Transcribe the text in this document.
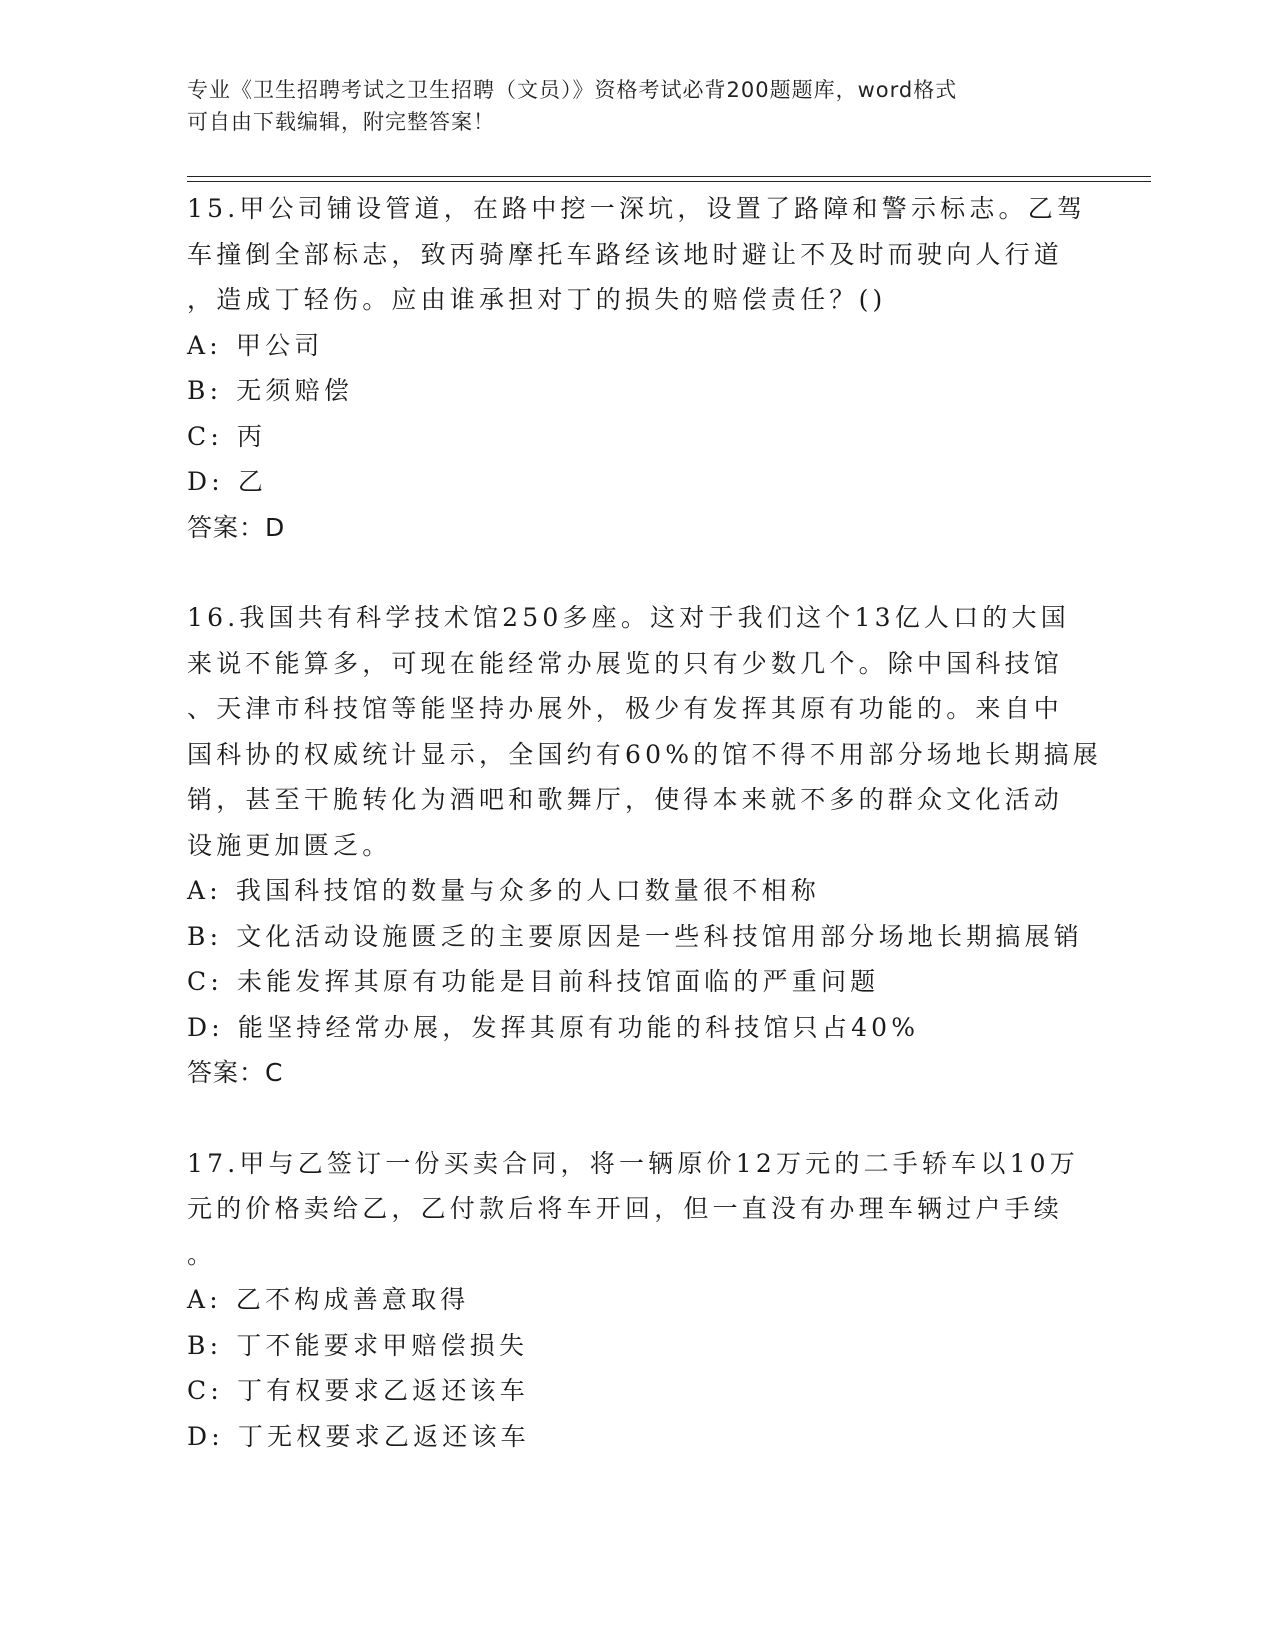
专业《卫生招聘考试之卫生招聘（文员）》资格考试必背200题题库，word格式
可自由下载编辑，附完整答案！
15.甲公司铺设管道，在路中挖一深坑，设置了路障和警示标志。乙驾
车撞倒全部标志，致丙骑摩托车路经该地时避让不及时而驶向人行道
，造成丁轻伤。应由谁承担对丁的损失的赔偿责任？()
A: 甲公司
B: 无须赔偿
C: 丙
D: 乙
答案：D
16.我国共有科学技术馆250多座。这对于我们这个13亿人口的大国
来说不能算多，可现在能经常办展览的只有少数几个。除中国科技馆
、天津市科技馆等能坚持办展外，极少有发挥其原有功能的。来自中
国科协的权威统计显示，全国约有60%的馆不得不用部分场地长期搞展
销，甚至干脆转化为酒吧和歌舞厅，使得本来就不多的群众文化活动
设施更加匮乏。
A: 我国科技馆的数量与众多的人口数量很不相称
B: 文化活动设施匮乏的主要原因是一些科技馆用部分场地长期搞展销
C: 未能发挥其原有功能是目前科技馆面临的严重问题
D: 能坚持经常办展，发挥其原有功能的科技馆只占40%
答案：C
17.甲与乙签订一份买卖合同，将一辆原价12万元的二手轿车以10万
元的价格卖给乙，乙付款后将车开回，但一直没有办理车辆过户手续
。
A: 乙不构成善意取得
B: 丁不能要求甲赔偿损失
C: 丁有权要求乙返还该车
D: 丁无权要求乙返还该车
